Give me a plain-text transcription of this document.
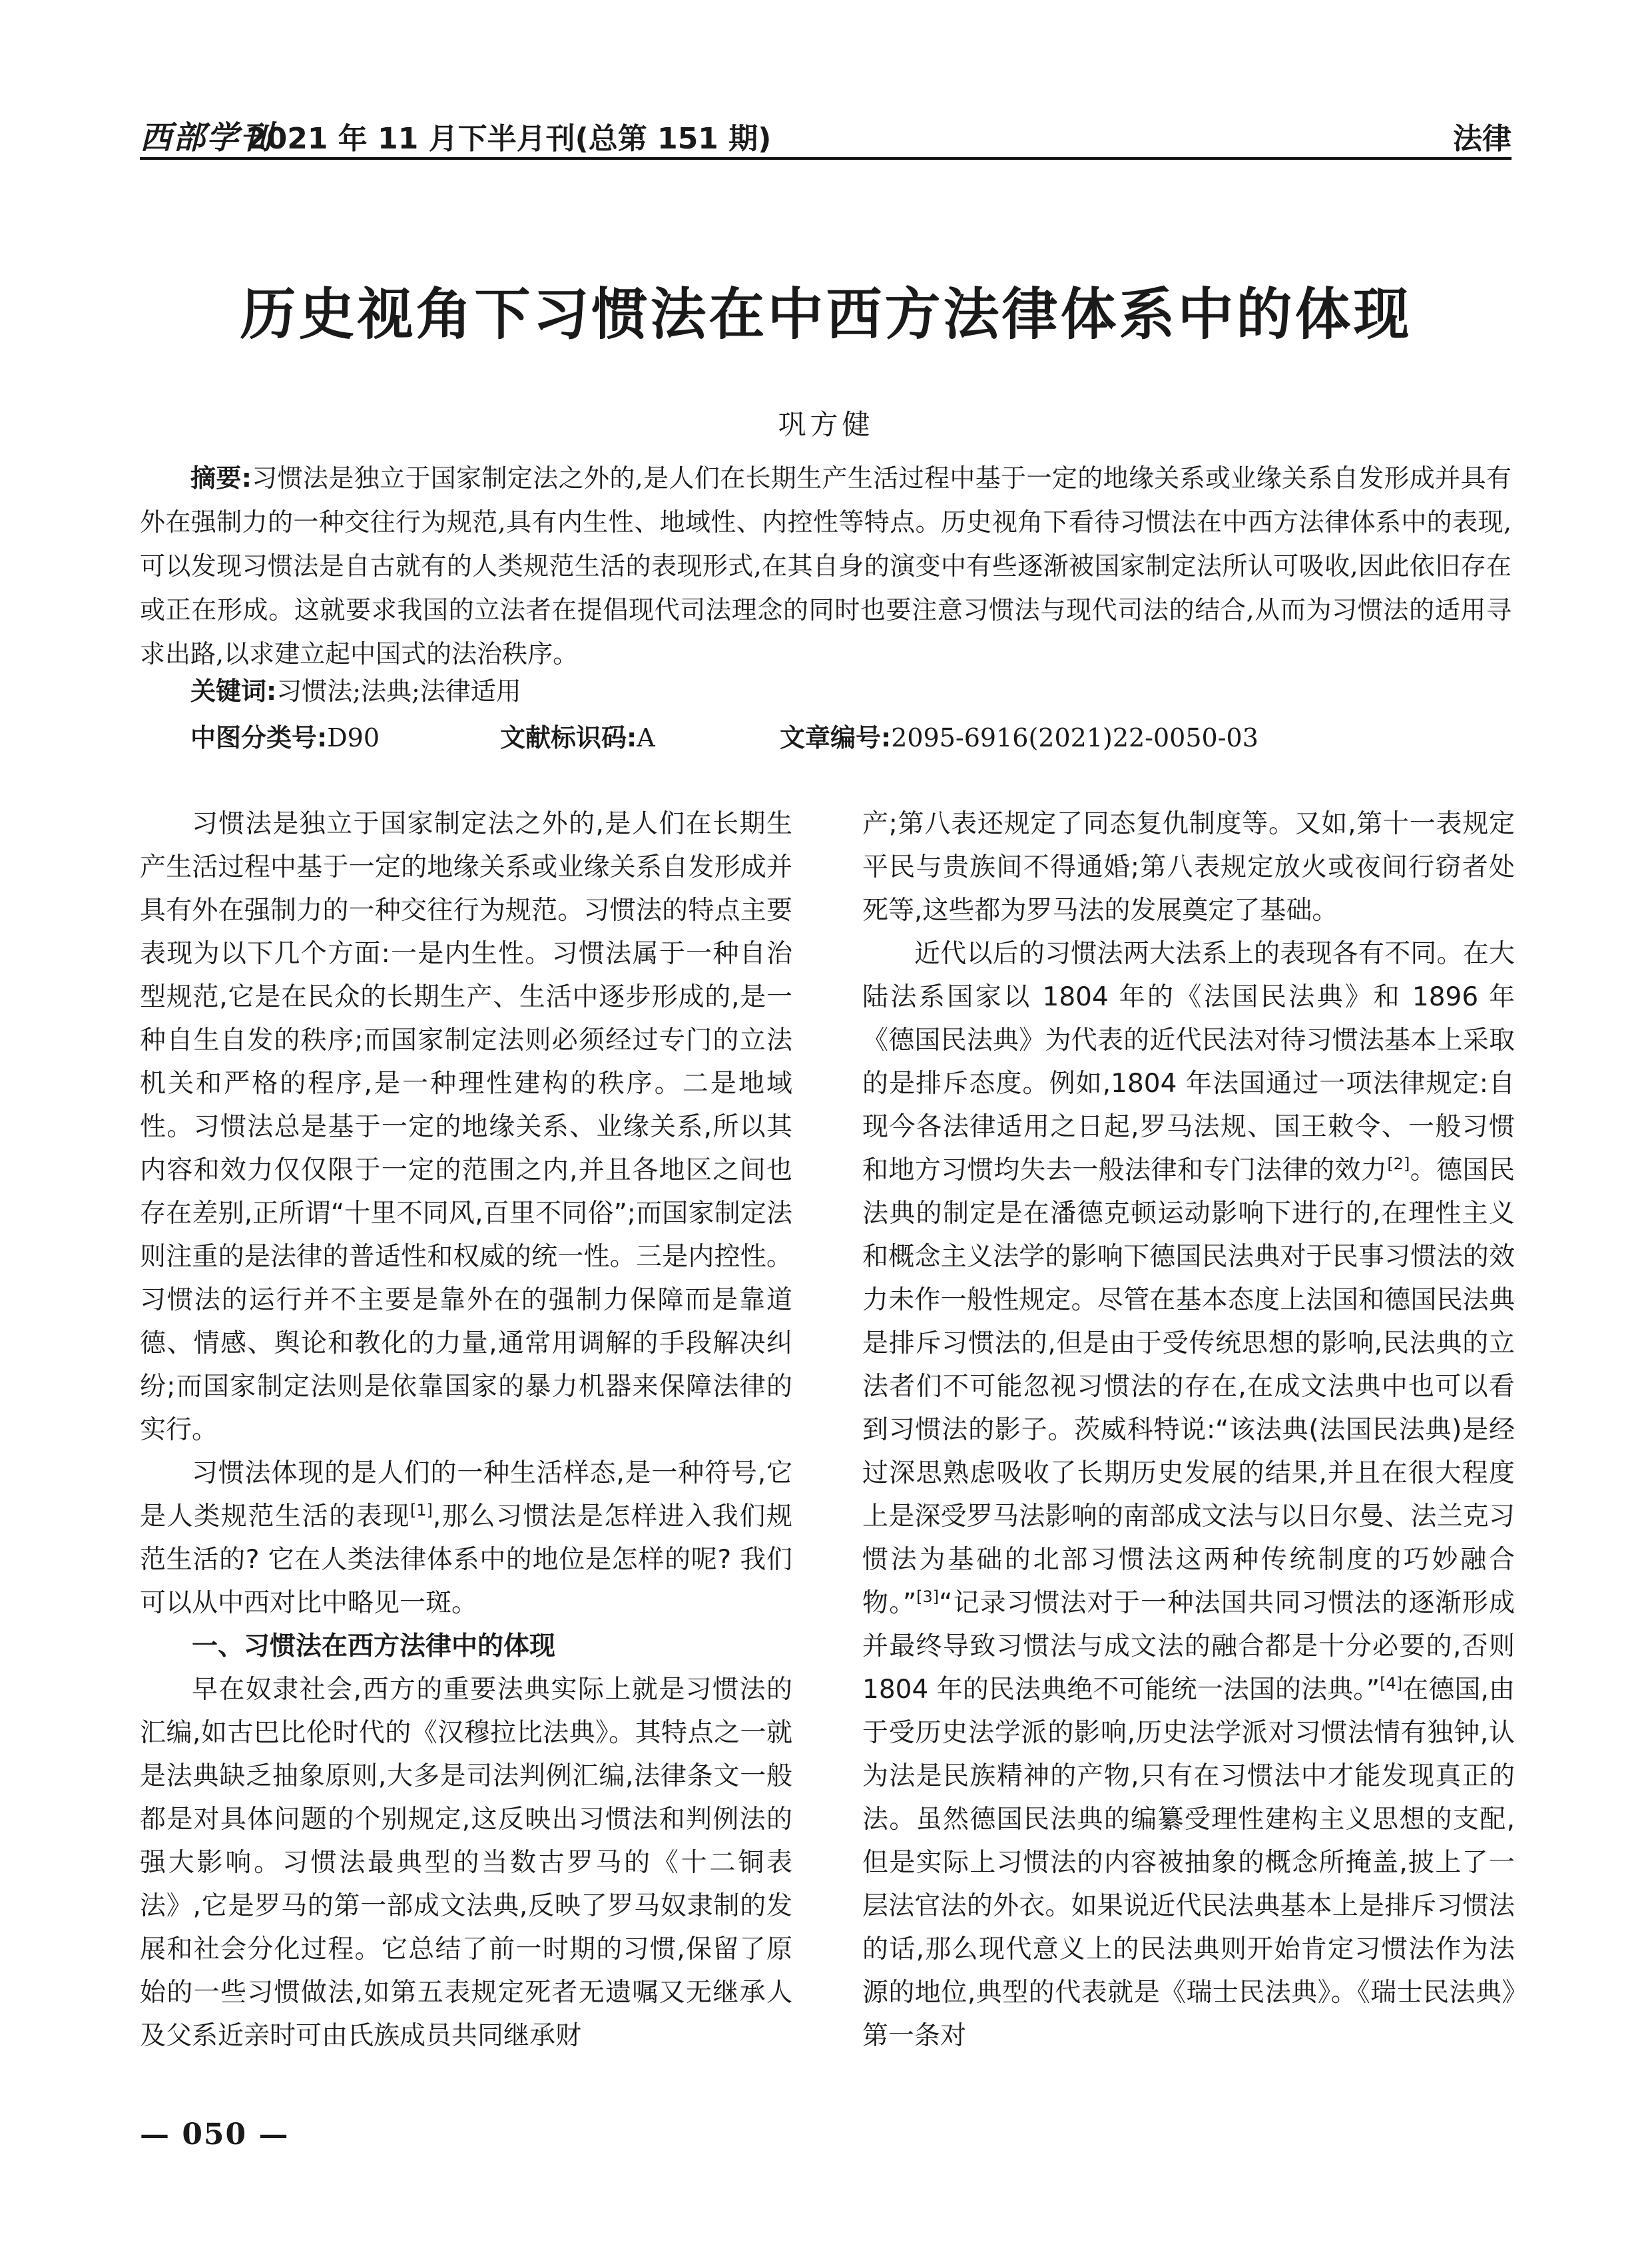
西部学刊
2021 年 11 月下半月刊(总第 151 期)	法律
历史视角下习惯法在中西方法律体系中的体现
巩方健

摘要:习惯法是独立于国家制定法之外的,是人们在长期生产生活过程中基于一定的地缘关系或业缘关系自发形成并具有外在强制力的一种交往行为规范,具有内生性、地域性、内控性等特点。历史视角下看待习惯法在中西方法律体系中的表现,可以发现习惯法是自古就有的人类规范生活的表现形式,在其自身的演变中有些逐渐被国家制定法所认可吸收,因此依旧存在或正在形成。这就要求我国的立法者在提倡现代司法理念的同时也要注意习惯法与现代司法的结合,从而为习惯法的适用寻求出路,以求建立起中国式的法治秩序。

关键词:习惯法;法典;法律适用
中图分类号:D90	文献标识码:A	文章编号:2095-6916(2021)22-0050-03

习惯法是独立于国家制定法之外的,是人们在长期生产生活过程中基于一定的地缘关系或业缘关系自发形成并具有外在强制力的一种交往行为规范。习惯法的特点主要表现为以下几个方面:一是内生性。习惯法属于一种自治型规范,它是在民众的长期生产、生活中逐步形成的,是一种自生自发的秩序;而国家制定法则必须经过专门的立法机关和严格的程序,是一种理性建构的秩序。二是地域性。习惯法总是基于一定的地缘关系、业缘关系,所以其内容和效力仅仅限于一定的范围之内,并且各地区之间也存在差别,正所谓“十里不同风,百里不同俗”;而国家制定法则注重的是法律的普适性和权威的统一性。三是内控性。习惯法的运行并不主要是靠外在的强制力保障而是靠道德、情感、舆论和教化的力量,通常用调解的手段解决纠纷;而国家制定法则是依靠国家的暴力机器来保障法律的实行。

习惯法体现的是人们的一种生活样态,是一种符号,它是人类规范生活的表现[1],那么习惯法是怎样进入我们规范生活的? 它在人类法律体系中的地位是怎样的呢? 我们可以从中西对比中略见一斑。

一、习惯法在西方法律中的体现

早在奴隶社会,西方的重要法典实际上就是习惯法的汇编,如古巴比伦时代的《汉穆拉比法典》。其特点之一就是法典缺乏抽象原则,大多是司法判例汇编,法律条文一般都是对具体问题的个别规定,这反映出习惯法和判例法的强大影响。习惯法最典型的当数古罗马的《十二铜表法》,它是罗马的第一部成文法典,反映了罗马奴隶制的发展和社会分化过程。它总结了前一时期的习惯,保留了原始的一些习惯做法,如第五表规定死者无遗嘱又无继承人及父系近亲时可由氏族成员共同继承财

产;第八表还规定了同态复仇制度等。又如,第十一表规定平民与贵族间不得通婚;第八表规定放火或夜间行窃者处死等,这些都为罗马法的发展奠定了基础。

近代以后的习惯法两大法系上的表现各有不同。在大陆法系国家以 1804 年的《法国民法典》和 1896 年《德国民法典》为代表的近代民法对待习惯法基本上采取的是排斥态度。例如,1804 年法国通过一项法律规定:自现今各法律适用之日起,罗马法规、国王敕令、一般习惯和地方习惯均失去一般法律和专门法律的效力[2]。德国民法典的制定是在潘德克顿运动影响下进行的,在理性主义和概念主义法学的影响下德国民法典对于民事习惯法的效力未作一般性规定。尽管在基本态度上法国和德国民法典是排斥习惯法的,但是由于受传统思想的影响,民法典的立法者们不可能忽视习惯法的存在,在成文法典中也可以看到习惯法的影子。茨威科特说:“该法典(法国民法典)是经过深思熟虑吸收了长期历史发展的结果,并且在很大程度上是深受罗马法影响的南部成文法与以日尔曼、法兰克习惯法为基础的北部习惯法这两种传统制度的巧妙融合物。”[3]“记录习惯法对于一种法国共同习惯法的逐渐形成并最终导致习惯法与成文法的融合都是十分必要的,否则 1804 年的民法典绝不可能统一法国的法典。”[4]在德国,由于受历史法学派的影响,历史法学派对习惯法情有独钟,认为法是民族精神的产物,只有在习惯法中才能发现真正的法。虽然德国民法典的编纂受理性建构主义思想的支配,但是实际上习惯法的内容被抽象的概念所掩盖,披上了一层法官法的外衣。如果说近代民法典基本上是排斥习惯法的话,那么现代意义上的民法典则开始肯定习惯法作为法源的地位,典型的代表就是《瑞士民法典》。《瑞士民法典》第一条对

— 050 —
